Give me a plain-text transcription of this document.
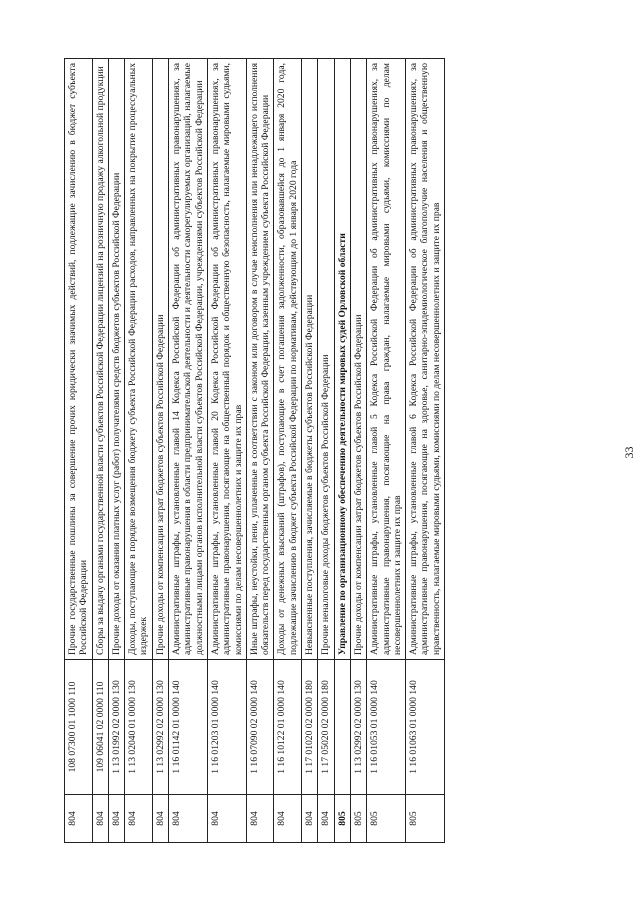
33
804	108 07300 01 1000 110	Прочие государственные пошлины за совершение прочих юридически значимых действий, подлежащие зачислению в бюджет субъекта Российской Федерации
804	109 06041 02 0000 110	Сборы за выдачу органами государственной власти субъектов Российской Федерации лицензий на розничную продажу алкогольной продукции
804	1 13 01992 02 0000 130	Прочие доходы от оказания платных услуг (работ) получателями средств бюджетов субъектов Российской Федерации
804	1 13 02040 01 0000 130	Доходы, поступающие в порядке возмещения бюджету субъекта Российской Федерации расходов, направленных на покрытие процессуальных издержек
804	1 13 02992 02 0000 130	Прочие доходы от компенсации затрат бюджетов субъектов Российской Федерации
804	1 16 01142 01 0000 140	Административные штрафы, установленные главой 14 Кодекса Российской Федерации об административных правонарушениях, за административные правонарушения в области предпринимательской деятельности и деятельности саморегулируемых организаций, налагаемые должностными лицами органов исполнительной власти субъектов Российской Федерации, учреждениями субъектов Российской Федерации
804	1 16 01203 01 0000 140	Административные штрафы, установленные главой 20 Кодекса Российской Федерации об административных правонарушениях, за административные правонарушения, посягающие на общественный порядок и общественную безопасность, налагаемые мировыми судьями, комиссиями по делам несовершеннолетних и защите их прав
804	1 16 07090 02 0000 140	Иные штрафы, неустойки, пени, уплаченные в соответствии с законом или договором в случае неисполнения или ненадлежащего исполнения обязательств перед государственным органом субъекта Российской Федерации, казенным учреждением субъекта Российской Федерации
804	1 16 10122 01 0000 140	Доходы от денежных взысканий (штрафов), поступающие в счет погашения задолженности, образовавшейся до 1 января 2020 года, подлежащие зачислению в бюджет субъекта Российской Федерации по нормативам, действующим до 1 января 2020 года
804	1 17 01020 02 0000 180	Невыясненные поступления, зачисляемые в бюджеты субъектов Российской Федерации
804	1 17 05020 02 0000 180	Прочие неналоговые доходы бюджетов субъектов Российской Федерации
805		Управление по организационному обеспечению деятельности мировых судей Орловской области
805	1 13 02992 02 0000 130	Прочие доходы от компенсации затрат бюджетов субъектов Российской Федерации
805	1 16 01053 01 0000 140	Административные штрафы, установленные главой 5 Кодекса Российской Федерации об административных правонарушениях, за административные правонарушения, посягающие на права граждан, налагаемые мировыми судьями, комиссиями по делам несовершеннолетних и защите их прав
805	1 16 01063 01 0000 140	Административные штрафы, установленные главой 6 Кодекса Российской Федерации об административных правонарушениях, за административные правонарушения, посягающие на здоровье, санитарно-эпидемиологическое благополучие населения и общественную нравственность, налагаемые мировыми судьями, комиссиями по делам несовершеннолетних и защите их прав
